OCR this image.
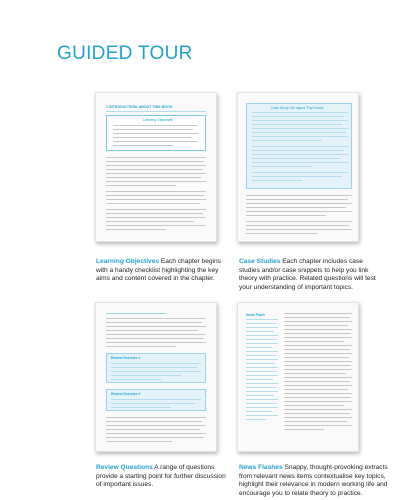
GUIDED TOUR
1 INTRODUCTION: ABOUT THIS BOOK
Learning Objectives
Learning Objectives Each chapter begins with a handy checklist highlighting the key aims and content covered in the chapter.
Case Study: Six sigma 'Pay it back'
Case Studies Each chapter includes case studies and/or case snippets to help you link theory with practice. Related questions will test your understanding of important topics.
Review Exercise 1
Review Exercise 2
Review Questions A range of questions provide a starting point for further discussion of important issues.
News Flash
News Flashes Snappy, thought-provoking extracts from relevant news items contextualise key topics, highlight their relevance in modern working life and encourage you to relate theory to practice.
